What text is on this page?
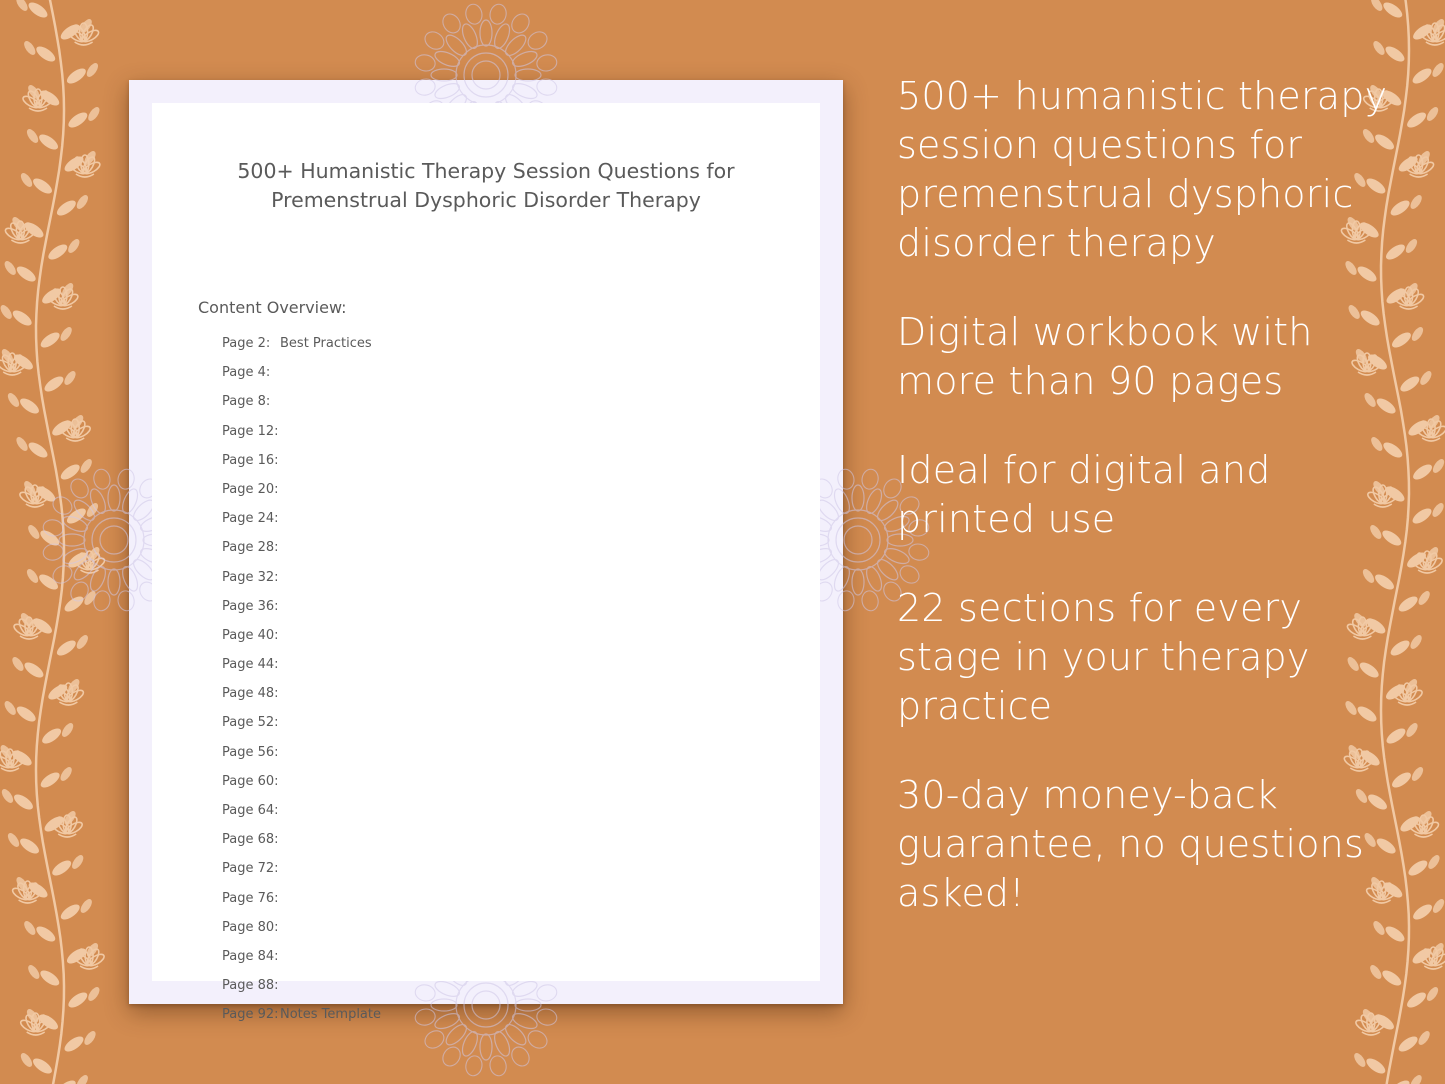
500+ Humanistic Therapy Session Questions for
Premenstrual Dysphoric Disorder Therapy
Content Overview:
Page 2: Best Practices
Page 4:
Page 8:
Page 12:
Page 16:
Page 20:
Page 24:
Page 28:
Page 32:
Page 36:
Page 40:
Page 44:
Page 48:
Page 52:
Page 56:
Page 60:
Page 64:
Page 68:
Page 72:
Page 76:
Page 80:
Page 84:
Page 88:
Page 92:Notes Template

500+ humanistic therapy session questions for premenstrual dysphoric disorder therapy

Digital workbook with more than 90 pages

Ideal for digital and printed use

22 sections for every stage in your therapy practice

30-day money-back guarantee, no questions asked!
